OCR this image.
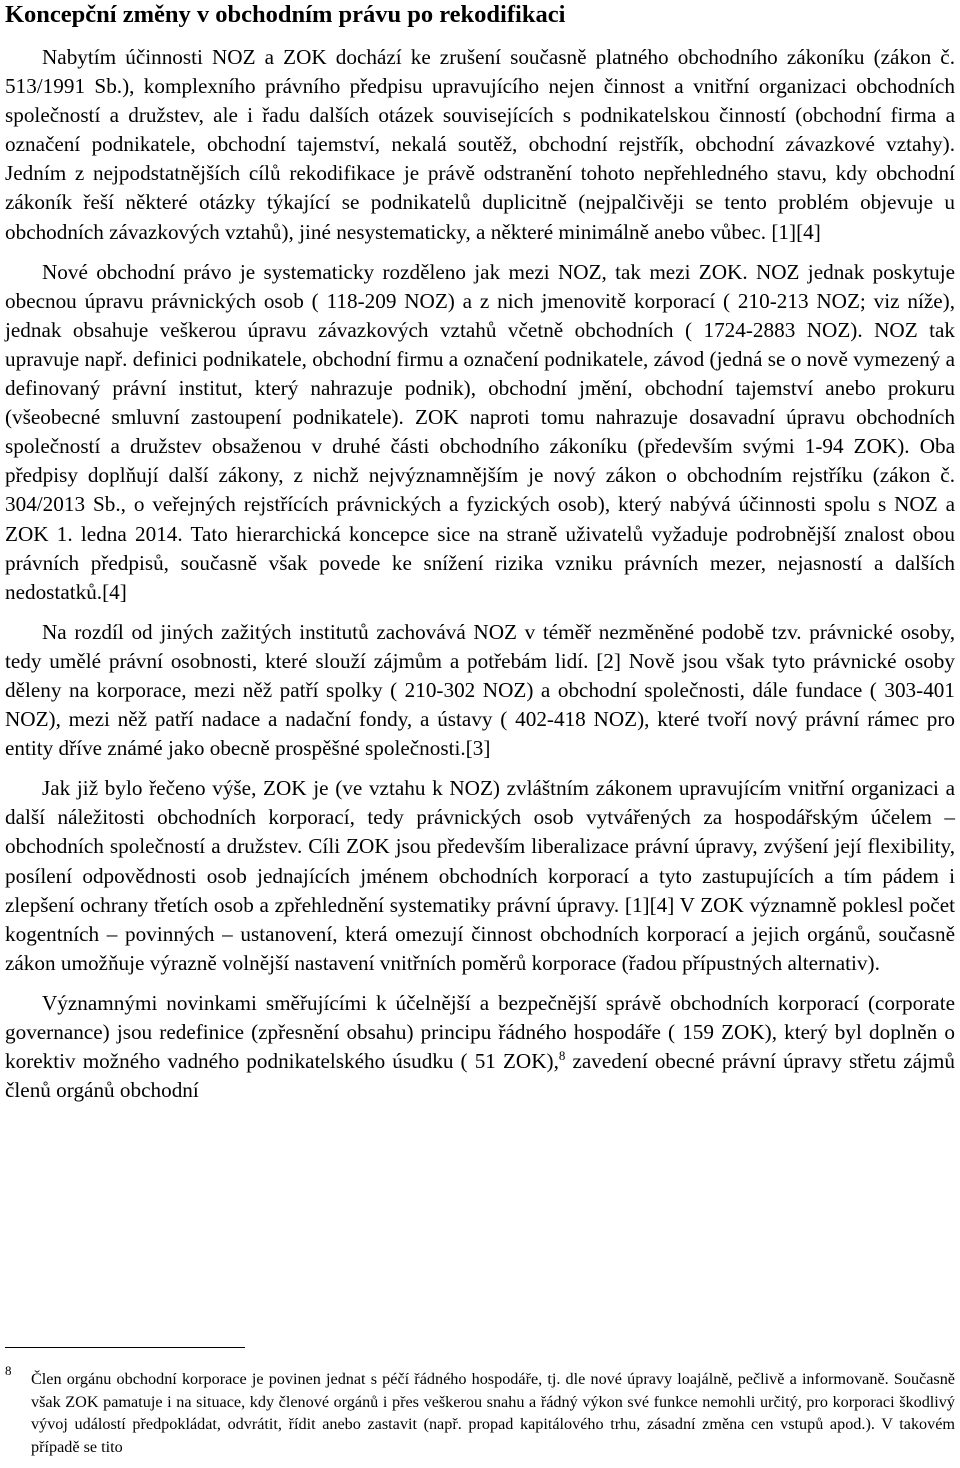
Koncepční změny v obchodním právu po rekodifikaci

Nabytím účinnosti NOZ a ZOK dochází ke zrušení současně platného obchodního zákoníku (zákon č. 513/1991 Sb.), komplexního právního předpisu upravujícího nejen činnost a vnitřní organizaci obchodních společností a družstev, ale i řadu dalších otázek souvisejících s podnikatelskou činností (obchodní firma a označení podnikatele, obchodní tajemství, nekalá soutěž, obchodní rejstřík, obchodní závazkové vztahy). Jedním z nejpodstatnějších cílů rekodifikace je právě odstranění tohoto nepřehledného stavu, kdy obchodní zákoník řeší některé otázky týkající se podnikatelů duplicitně (nejpalčivěji se tento problém objevuje u obchodních závazkových vztahů), jiné nesystematicky, a některé minimálně anebo vůbec. [1][4]

Nové obchodní právo je systematicky rozděleno jak mezi NOZ, tak mezi ZOK. NOZ jednak poskytuje obecnou úpravu právnických osob ( 118-209 NOZ) a z nich jmenovitě korporací ( 210-213 NOZ; viz níže), jednak obsahuje veškerou úpravu závazkových vztahů včetně obchodních ( 1724-2883 NOZ). NOZ tak upravuje např. definici podnikatele, obchodní firmu a označení podnikatele, závod (jedná se o nově vymezený a definovaný právní institut, který nahrazuje podnik), obchodní jmění, obchodní tajemství anebo prokuru (všeobecné smluvní zastoupení podnikatele). ZOK naproti tomu nahrazuje dosavadní úpravu obchodních společností a družstev obsaženou v druhé části obchodního zákoníku (především svými 1-94 ZOK). Oba předpisy doplňují další zákony, z nichž nejvýznamnějším je nový zákon o obchodním rejstříku (zákon č. 304/2013 Sb., o veřejných rejstřících právnických a fyzických osob), který nabývá účinnosti spolu s NOZ a ZOK 1. ledna 2014. Tato hierarchická koncepce sice na straně uživatelů vyžaduje podrobnější znalost obou právních předpisů, současně však povede ke snížení rizika vzniku právních mezer, nejasností a dalších nedostatků.[4]

Na rozdíl od jiných zažitých institutů zachovává NOZ v téměř nezměněné podobě tzv. právnické osoby, tedy umělé právní osobnosti, které slouží zájmům a potřebám lidí. [2] Nově jsou však tyto právnické osoby děleny na korporace, mezi něž patří spolky ( 210-302 NOZ) a obchodní společnosti, dále fundace ( 303-401 NOZ), mezi něž patří nadace a nadační fondy, a ústavy ( 402-418 NOZ), které tvoří nový právní rámec pro entity dříve známé jako obecně prospěšné společnosti.[3]

Jak již bylo řečeno výše, ZOK je (ve vztahu k NOZ) zvláštním zákonem upravujícím vnitřní organizaci a další náležitosti obchodních korporací, tedy právnických osob vytvářených za hospodářským účelem – obchodních společností a družstev. Cíli ZOK jsou především liberalizace právní úpravy, zvýšení její flexibility, posílení odpovědnosti osob jednajících jménem obchodních korporací a tyto zastupujících a tím pádem i zlepšení ochrany třetích osob a zpřehlednění systematiky právní úpravy. [1][4] V ZOK významně poklesl počet kogentních – povinných – ustanovení, která omezují činnost obchodních korporací a jejich orgánů, současně zákon umožňuje výrazně volnější nastavení vnitřních poměrů korporace (řadou přípustných alternativ).

Významnými novinkami směřujícími k účelnější a bezpečnější správě obchodních korporací (corporate governance) jsou redefinice (zpřesnění obsahu) principu řádného hospodáře ( 159 ZOK), který byl doplněn o korektiv možného vadného podnikatelského úsudku ( 51 ZOK),$^8$ zavedení obecné právní úpravy střetu zájmů členů orgánů obchodní

8 Člen orgánu obchodní korporace je povinen jednat s péčí řádného hospodáře, tj. dle nové úpravy loajálně, pečlivě a informovaně. Současně však ZOK pamatuje i na situace, kdy členové orgánů i přes veškerou snahu a řádný výkon své funkce nemohli určitý, pro korporaci škodlivý vývoj událostí předpokládat, odvrátit, řídit anebo zastavit (např. propad kapitálového trhu, zásadní změna cen vstupů apod.). V takovém případě se tito
